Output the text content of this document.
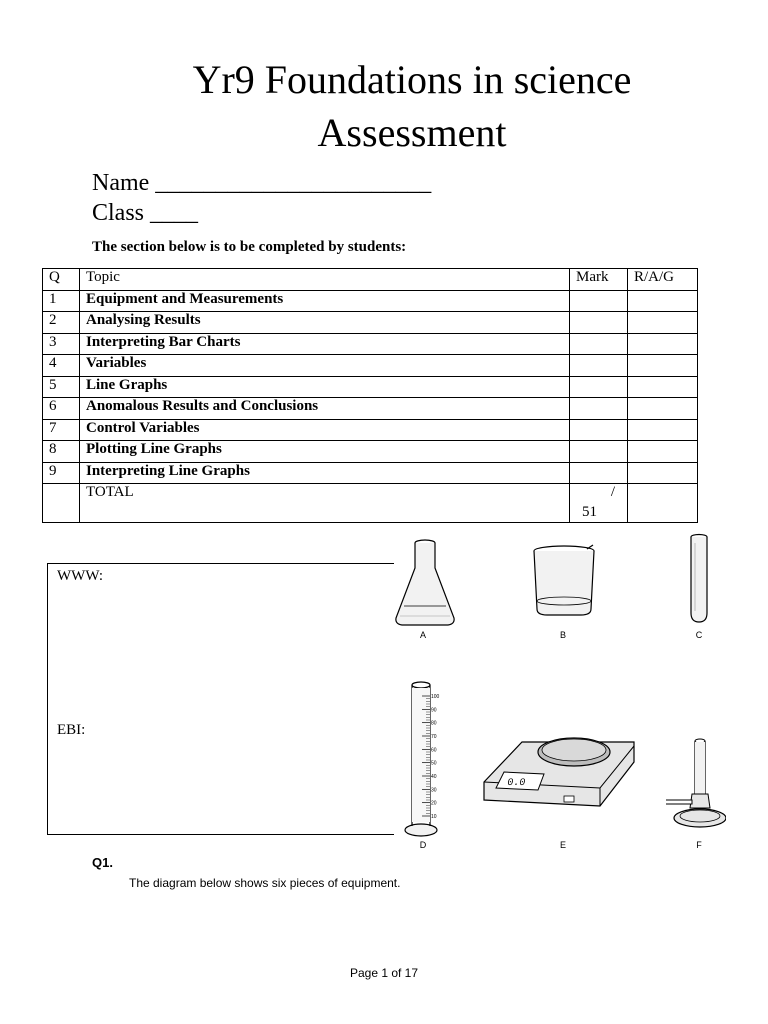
Yr9 Foundations in science
Assessment
Name _______________________
Class ____
The section below is to be completed by students:
Q	Topic	Mark	R/A/G
1	Equipment and Measurements		
2	Analysing Results		
3	Interpreting Bar Charts		
4	Variables		
5	Line Graphs		
6	Anomalous Results and Conclusions		
7	Control Variables		
8	Plotting Line Graphs		
9	Interpreting Line Graphs		
	TOTAL	/
51	

WWW:
EBI:
A	B	C
100
90
80
70
60
50
40
30
20
10
D
0.0
E	F
Q1.
The diagram below shows six pieces of equipment.
Page 1 of 17
